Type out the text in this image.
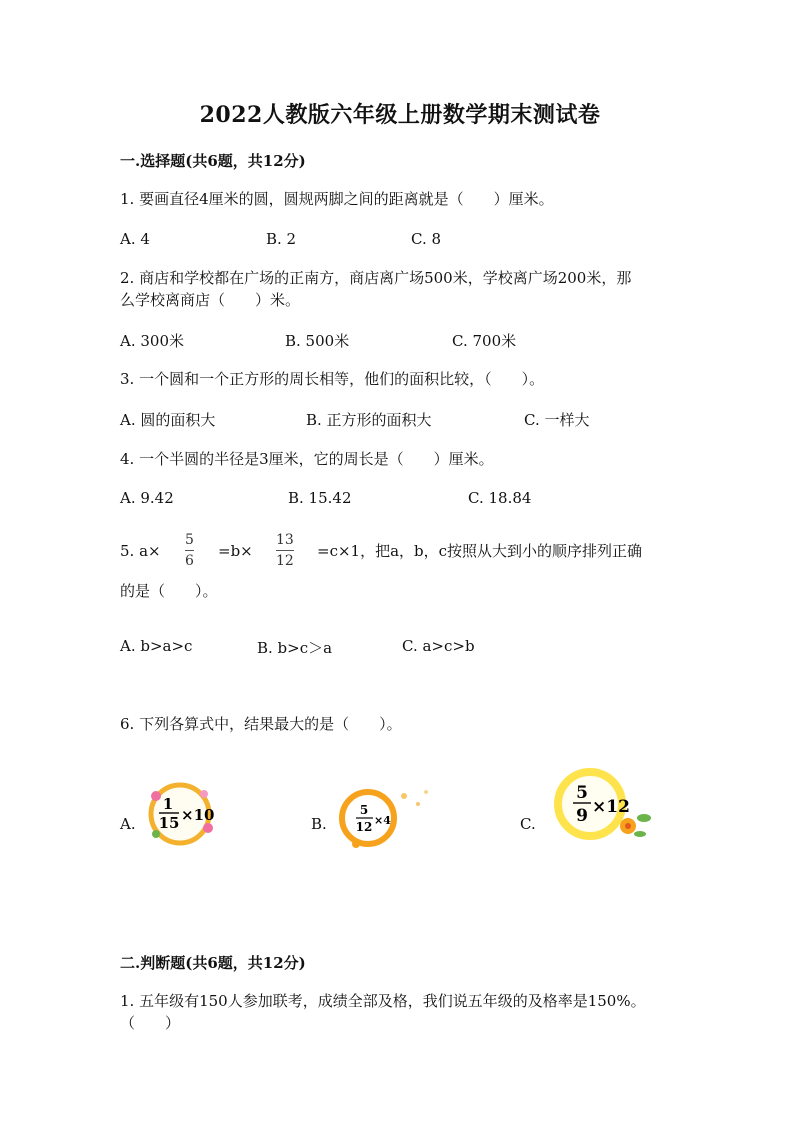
2022人教版六年级上册数学期末测试卷
一.选择题(共6题，共12分)
1. 要画直径4厘米的圆，圆规两脚之间的距离就是（　　）厘米。
A. 4	B. 2	C. 8
2. 商店和学校都在广场的正南方，商店离广场500米，学校离广场200米，那
么学校离商店（　　）米。
A. 300米	B. 500米	C. 700米
3. 一个圆和一个正方形的周长相等，他们的面积比较，（　　）。
A. 圆的面积大	B. 正方形的面积大	C. 一样大
4. 一个半圆的半径是3厘米，它的周长是（　　）厘米。
A. 9.42	B. 15.42	C. 18.84
5. a×
5
6
=b×
13
12
=c×1，把a，b，c按照从大到小的顺序排列正确
的是（　　）。
A. b>a>c	B. b>c＞a	C. a>c>b
6. 下列各算式中，结果最大的是（　　）。
A.
1
15 ×10	B.
5
12 ×4	C.
5
9 ×12
二.判断题(共6题，共12分)
1. 五年级有150人参加联考，成绩全部及格，我们说五年级的及格率是150%。
（　　）
